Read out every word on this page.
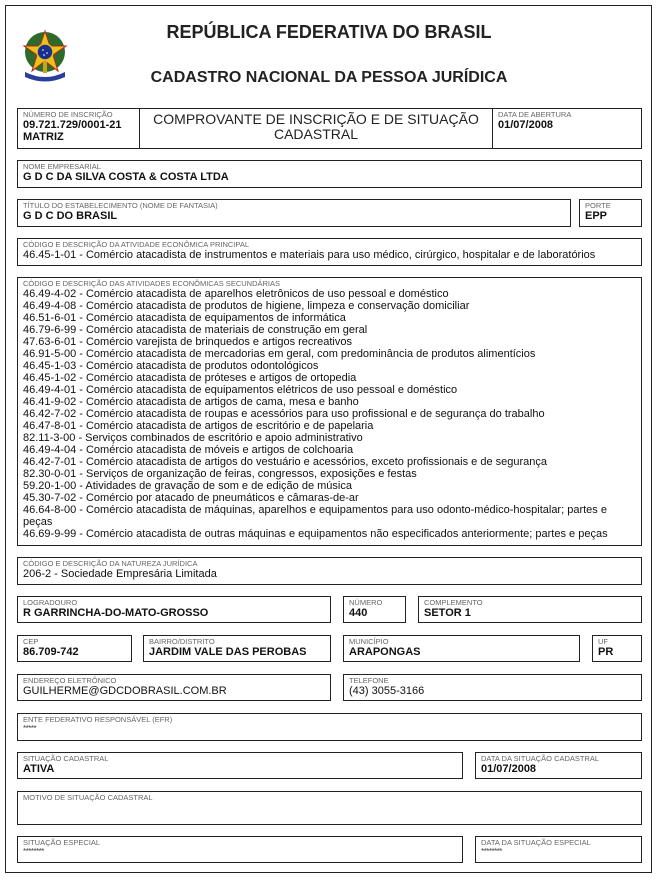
REPÚBLICA FEDERATIVA DO BRASIL
CADASTRO NACIONAL DA PESSOA JURÍDICA
NÚMERO DE INSCRIÇÃO
09.721.729/0001-21
MATRIZ
COMPROVANTE DE INSCRIÇÃO E DE SITUAÇÃO CADASTRAL
DATA DE ABERTURA
01/07/2008
NOME EMPRESARIAL
G D C DA SILVA COSTA & COSTA LTDA
TÍTULO DO ESTABELECIMENTO (NOME DE FANTASIA)
G D C DO BRASIL
PORTE
EPP
CÓDIGO E DESCRIÇÃO DA ATIVIDADE ECONÔMICA PRINCIPAL
46.45-1-01 - Comércio atacadista de instrumentos e materiais para uso médico, cirúrgico, hospitalar e de laboratórios
CÓDIGO E DESCRIÇÃO DAS ATIVIDADES ECONÔMICAS SECUNDÁRIAS
46.49-4-02 - Comércio atacadista de aparelhos eletrônicos de uso pessoal e doméstico
46.49-4-08 - Comércio atacadista de produtos de higiene, limpeza e conservação domiciliar
46.51-6-01 - Comércio atacadista de equipamentos de informática
46.79-6-99 - Comércio atacadista de materiais de construção em geral
47.63-6-01 - Comércio varejista de brinquedos e artigos recreativos
46.91-5-00 - Comércio atacadista de mercadorias em geral, com predominância de produtos alimentícios
46.45-1-03 - Comércio atacadista de produtos odontológicos
46.45-1-02 - Comércio atacadista de próteses e artigos de ortopedia
46.49-4-01 - Comércio atacadista de equipamentos elétricos de uso pessoal e doméstico
46.41-9-02 - Comércio atacadista de artigos de cama, mesa e banho
46.42-7-02 - Comércio atacadista de roupas e acessórios para uso profissional e de segurança do trabalho
46.47-8-01 - Comércio atacadista de artigos de escritório e de papelaria
82.11-3-00 - Serviços combinados de escritório e apoio administrativo
46.49-4-04 - Comércio atacadista de móveis e artigos de colchoaria
46.42-7-01 - Comércio atacadista de artigos do vestuário e acessórios, exceto profissionais e de segurança
82.30-0-01 - Serviços de organização de feiras, congressos, exposições e festas
59.20-1-00 - Atividades de gravação de som e de edição de música
45.30-7-02 - Comércio por atacado de pneumáticos e câmaras-de-ar
46.64-8-00 - Comércio atacadista de máquinas, aparelhos e equipamentos para uso odonto-médico-hospitalar; partes e peças
46.69-9-99 - Comércio atacadista de outras máquinas e equipamentos não especificados anteriormente; partes e peças
CÓDIGO E DESCRIÇÃO DA NATUREZA JURÍDICA
206-2 - Sociedade Empresária Limitada
LOGRADOURO
R GARRINCHA-DO-MATO-GROSSO
NÚMERO
440
COMPLEMENTO
SETOR 1
CEP
86.709-742
BAIRRO/DISTRITO
JARDIM VALE DAS PEROBAS
MUNICÍPIO
ARAPONGAS
UF
PR
ENDEREÇO ELETRÔNICO
GUILHERME@GDCDOBRASIL.COM.BR
TELEFONE
(43) 3055-3166
ENTE FEDERATIVO RESPONSÁVEL (EFR)
*****
SITUAÇÃO CADASTRAL
ATIVA
DATA DA SITUAÇÃO CADASTRAL
01/07/2008
MOTIVO DE SITUAÇÃO CADASTRAL
SITUAÇÃO ESPECIAL
********
DATA DA SITUAÇÃO ESPECIAL
********
